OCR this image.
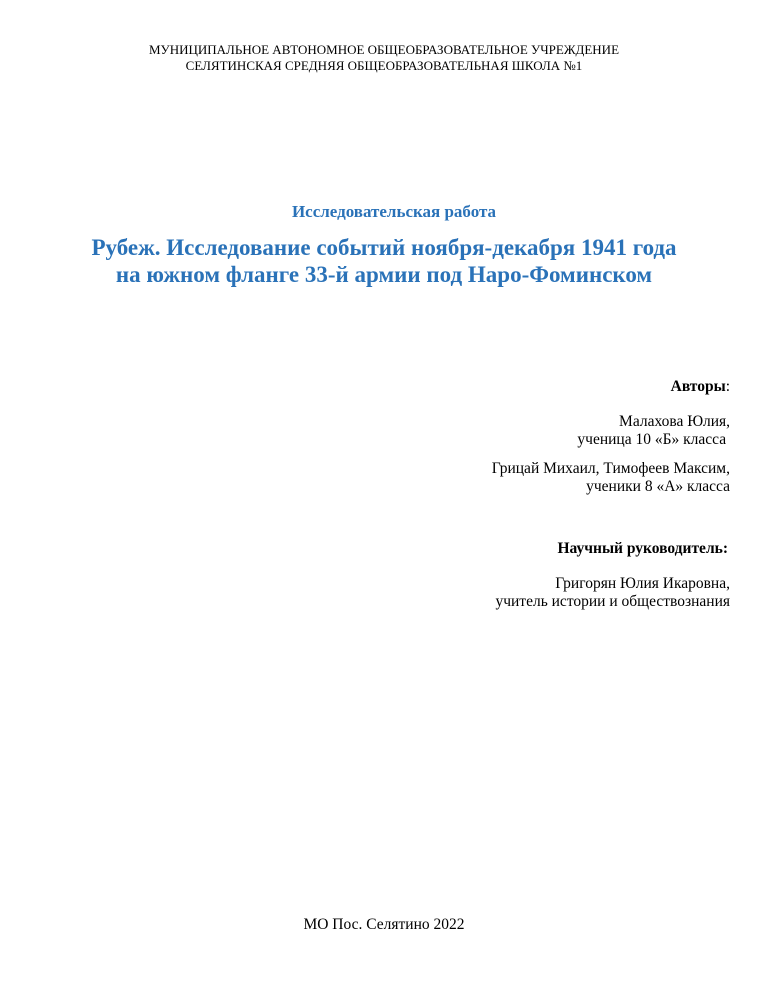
МУНИЦИПАЛЬНОЕ АВТОНОМНОЕ ОБЩЕОБРАЗОВАТЕЛЬНОЕ УЧРЕЖДЕНИЕ
СЕЛЯТИНСКАЯ СРЕДНЯЯ ОБЩЕОБРАЗОВАТЕЛЬНАЯ ШКОЛА №1
Исследовательская работа
Рубеж. Исследование событий ноября-декабря 1941 года
на южном фланге 33-й армии под Наро-Фоминском
Авторы:
Малахова Юлия,
ученица 10 «Б» класса
Грицай Михаил, Тимофеев Максим,
ученики 8 «А» класса
Научный руководитель:
Григорян Юлия Икаровна,
учитель истории и обществознания
МО Пос. Селятино 2022
